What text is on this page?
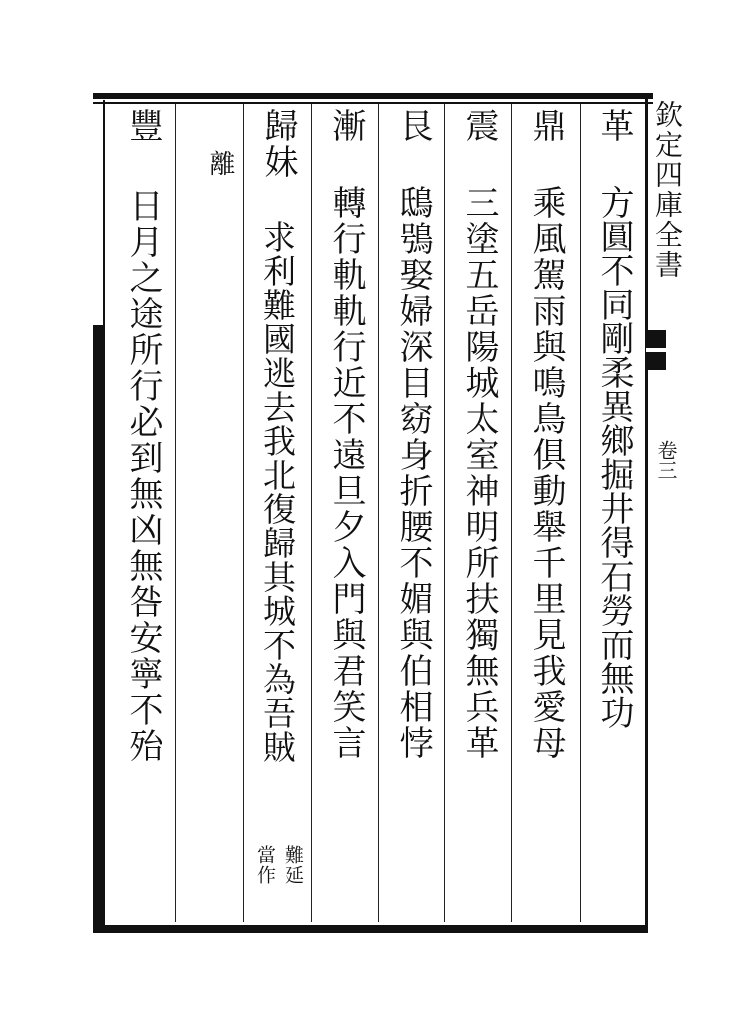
欽定四庫全書
卷三
革
方圓不同剛柔異鄉掘井得石勞而無功
鼎
乘風駕雨與鳴鳥俱動舉千里見我愛母
震
三塗五岳陽城太室神明所扶獨無兵革
艮
鴟鴞娶婦深目窈身折腰不媚與伯相悖
漸
轉行軌軌行近不遠旦夕入門與君笑言
歸妹
求利難國逃去我北復歸其城不為吾賊
難延
當作
離
豐
日月之途所行必到無凶無咎安寧不殆
